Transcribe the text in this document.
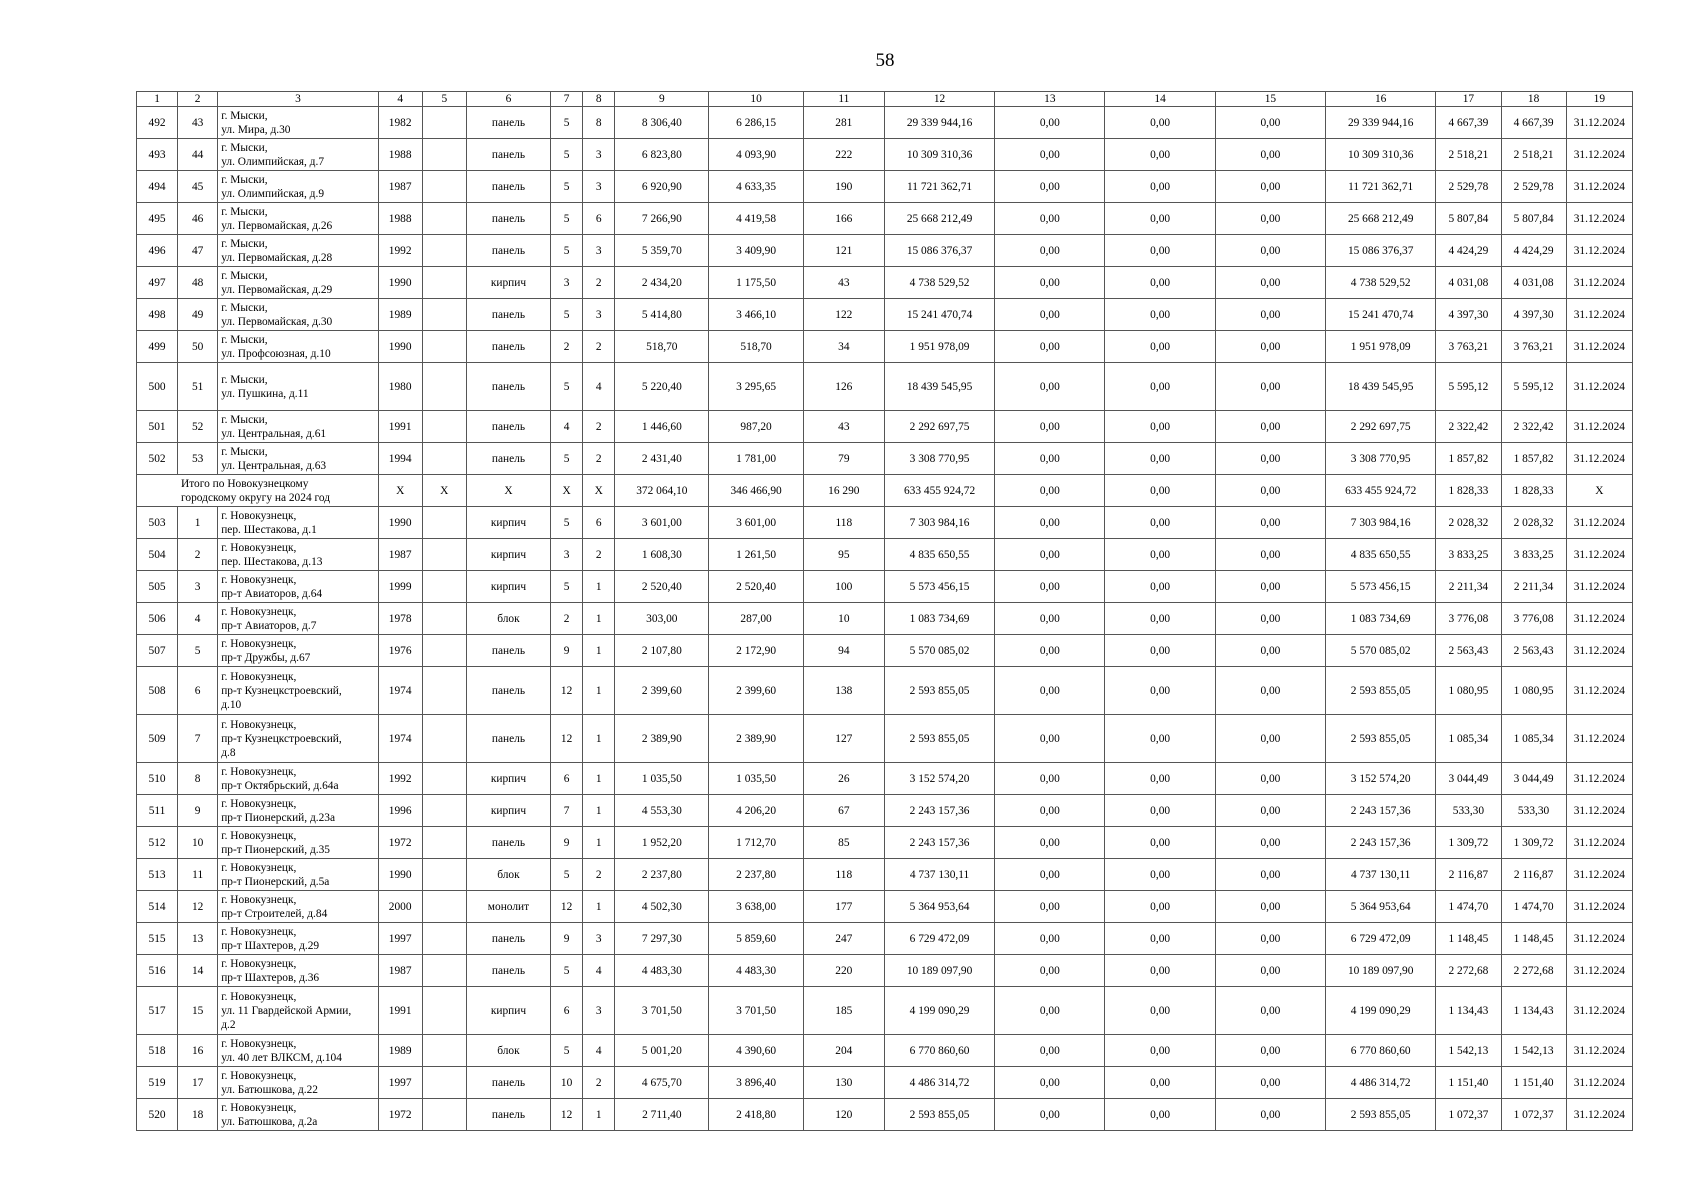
58
1	2	3	4	5	6	7	8	9	10	11	12	13	14	15	16	17	18	19
492	43	г. Мыски,
ул. Мира, д.30	1982		панель	5	8	8 306,40	6 286,15	281	29 339 944,16	0,00	0,00	0,00	29 339 944,16	4 667,39	4 667,39	31.12.2024
493	44	г. Мыски,
ул. Олимпийская, д.7	1988		панель	5	3	6 823,80	4 093,90	222	10 309 310,36	0,00	0,00	0,00	10 309 310,36	2 518,21	2 518,21	31.12.2024
494	45	г. Мыски,
ул. Олимпийская, д.9	1987		панель	5	3	6 920,90	4 633,35	190	11 721 362,71	0,00	0,00	0,00	11 721 362,71	2 529,78	2 529,78	31.12.2024
495	46	г. Мыски,
ул. Первомайская, д.26	1988		панель	5	6	7 266,90	4 419,58	166	25 668 212,49	0,00	0,00	0,00	25 668 212,49	5 807,84	5 807,84	31.12.2024
496	47	г. Мыски,
ул. Первомайская, д.28	1992		панель	5	3	5 359,70	3 409,90	121	15 086 376,37	0,00	0,00	0,00	15 086 376,37	4 424,29	4 424,29	31.12.2024
497	48	г. Мыски,
ул. Первомайская, д.29	1990		кирпич	3	2	2 434,20	1 175,50	43	4 738 529,52	0,00	0,00	0,00	4 738 529,52	4 031,08	4 031,08	31.12.2024
498	49	г. Мыски,
ул. Первомайская, д.30	1989		панель	5	3	5 414,80	3 466,10	122	15 241 470,74	0,00	0,00	0,00	15 241 470,74	4 397,30	4 397,30	31.12.2024
499	50	г. Мыски,
ул. Профсоюзная, д.10	1990		панель	2	2	518,70	518,70	34	1 951 978,09	0,00	0,00	0,00	1 951 978,09	3 763,21	3 763,21	31.12.2024
500	51	г. Мыски,
ул. Пушкина, д.11	1980		панель	5	4	5 220,40	3 295,65	126	18 439 545,95	0,00	0,00	0,00	18 439 545,95	5 595,12	5 595,12	31.12.2024
501	52	г. Мыски,
ул. Центральная, д.61	1991		панель	4	2	1 446,60	987,20	43	2 292 697,75	0,00	0,00	0,00	2 292 697,75	2 322,42	2 322,42	31.12.2024
502	53	г. Мыски,
ул. Центральная, д.63	1994		панель	5	2	2 431,40	1 781,00	79	3 308 770,95	0,00	0,00	0,00	3 308 770,95	1 857,82	1 857,82	31.12.2024
Итого по Новокузнецкому
городскому округу на 2024 год			X	X	X	X	X	372 064,10	346 466,90	16 290	633 455 924,72	0,00	0,00	0,00	633 455 924,72	1 828,33	1 828,33	X
503	1	г. Новокузнецк,
пер. Шестакова, д.1	1990		кирпич	5	6	3 601,00	3 601,00	118	7 303 984,16	0,00	0,00	0,00	7 303 984,16	2 028,32	2 028,32	31.12.2024
504	2	г. Новокузнецк,
пер. Шестакова, д.13	1987		кирпич	3	2	1 608,30	1 261,50	95	4 835 650,55	0,00	0,00	0,00	4 835 650,55	3 833,25	3 833,25	31.12.2024
505	3	г. Новокузнецк,
пр-т Авиаторов, д.64	1999		кирпич	5	1	2 520,40	2 520,40	100	5 573 456,15	0,00	0,00	0,00	5 573 456,15	2 211,34	2 211,34	31.12.2024
506	4	г. Новокузнецк,
пр-т Авиаторов, д.7	1978		блок	2	1	303,00	287,00	10	1 083 734,69	0,00	0,00	0,00	1 083 734,69	3 776,08	3 776,08	31.12.2024
507	5	г. Новокузнецк,
пр-т Дружбы, д.67	1976		панель	9	1	2 107,80	2 172,90	94	5 570 085,02	0,00	0,00	0,00	5 570 085,02	2 563,43	2 563,43	31.12.2024
508	6	г. Новокузнецк,
пр-т Кузнецкстроевский,
д.10	1974		панель	12	1	2 399,60	2 399,60	138	2 593 855,05	0,00	0,00	0,00	2 593 855,05	1 080,95	1 080,95	31.12.2024
509	7	г. Новокузнецк,
пр-т Кузнецкстроевский,
д.8	1974		панель	12	1	2 389,90	2 389,90	127	2 593 855,05	0,00	0,00	0,00	2 593 855,05	1 085,34	1 085,34	31.12.2024
510	8	г. Новокузнецк,
пр-т Октябрьский, д.64а	1992		кирпич	6	1	1 035,50	1 035,50	26	3 152 574,20	0,00	0,00	0,00	3 152 574,20	3 044,49	3 044,49	31.12.2024
511	9	г. Новокузнецк,
пр-т Пионерский, д.23а	1996		кирпич	7	1	4 553,30	4 206,20	67	2 243 157,36	0,00	0,00	0,00	2 243 157,36	533,30	533,30	31.12.2024
512	10	г. Новокузнецк,
пр-т Пионерский, д.35	1972		панель	9	1	1 952,20	1 712,70	85	2 243 157,36	0,00	0,00	0,00	2 243 157,36	1 309,72	1 309,72	31.12.2024
513	11	г. Новокузнецк,
пр-т Пионерский, д.5а	1990		блок	5	2	2 237,80	2 237,80	118	4 737 130,11	0,00	0,00	0,00	4 737 130,11	2 116,87	2 116,87	31.12.2024
514	12	г. Новокузнецк,
пр-т Строителей, д.84	2000		монолит	12	1	4 502,30	3 638,00	177	5 364 953,64	0,00	0,00	0,00	5 364 953,64	1 474,70	1 474,70	31.12.2024
515	13	г. Новокузнецк,
пр-т Шахтеров, д.29	1997		панель	9	3	7 297,30	5 859,60	247	6 729 472,09	0,00	0,00	0,00	6 729 472,09	1 148,45	1 148,45	31.12.2024
516	14	г. Новокузнецк,
пр-т Шахтеров, д.36	1987		панель	5	4	4 483,30	4 483,30	220	10 189 097,90	0,00	0,00	0,00	10 189 097,90	2 272,68	2 272,68	31.12.2024
517	15	г. Новокузнецк,
ул. 11 Гвардейской Армии,
д.2	1991		кирпич	6	3	3 701,50	3 701,50	185	4 199 090,29	0,00	0,00	0,00	4 199 090,29	1 134,43	1 134,43	31.12.2024
518	16	г. Новокузнецк,
ул. 40 лет ВЛКСМ, д.104	1989		блок	5	4	5 001,20	4 390,60	204	6 770 860,60	0,00	0,00	0,00	6 770 860,60	1 542,13	1 542,13	31.12.2024
519	17	г. Новокузнецк,
ул. Батюшкова, д.22	1997		панель	10	2	4 675,70	3 896,40	130	4 486 314,72	0,00	0,00	0,00	4 486 314,72	1 151,40	1 151,40	31.12.2024
520	18	г. Новокузнецк,
ул. Батюшкова, д.2а	1972		панель	12	1	2 711,40	2 418,80	120	2 593 855,05	0,00	0,00	0,00	2 593 855,05	1 072,37	1 072,37	31.12.2024
